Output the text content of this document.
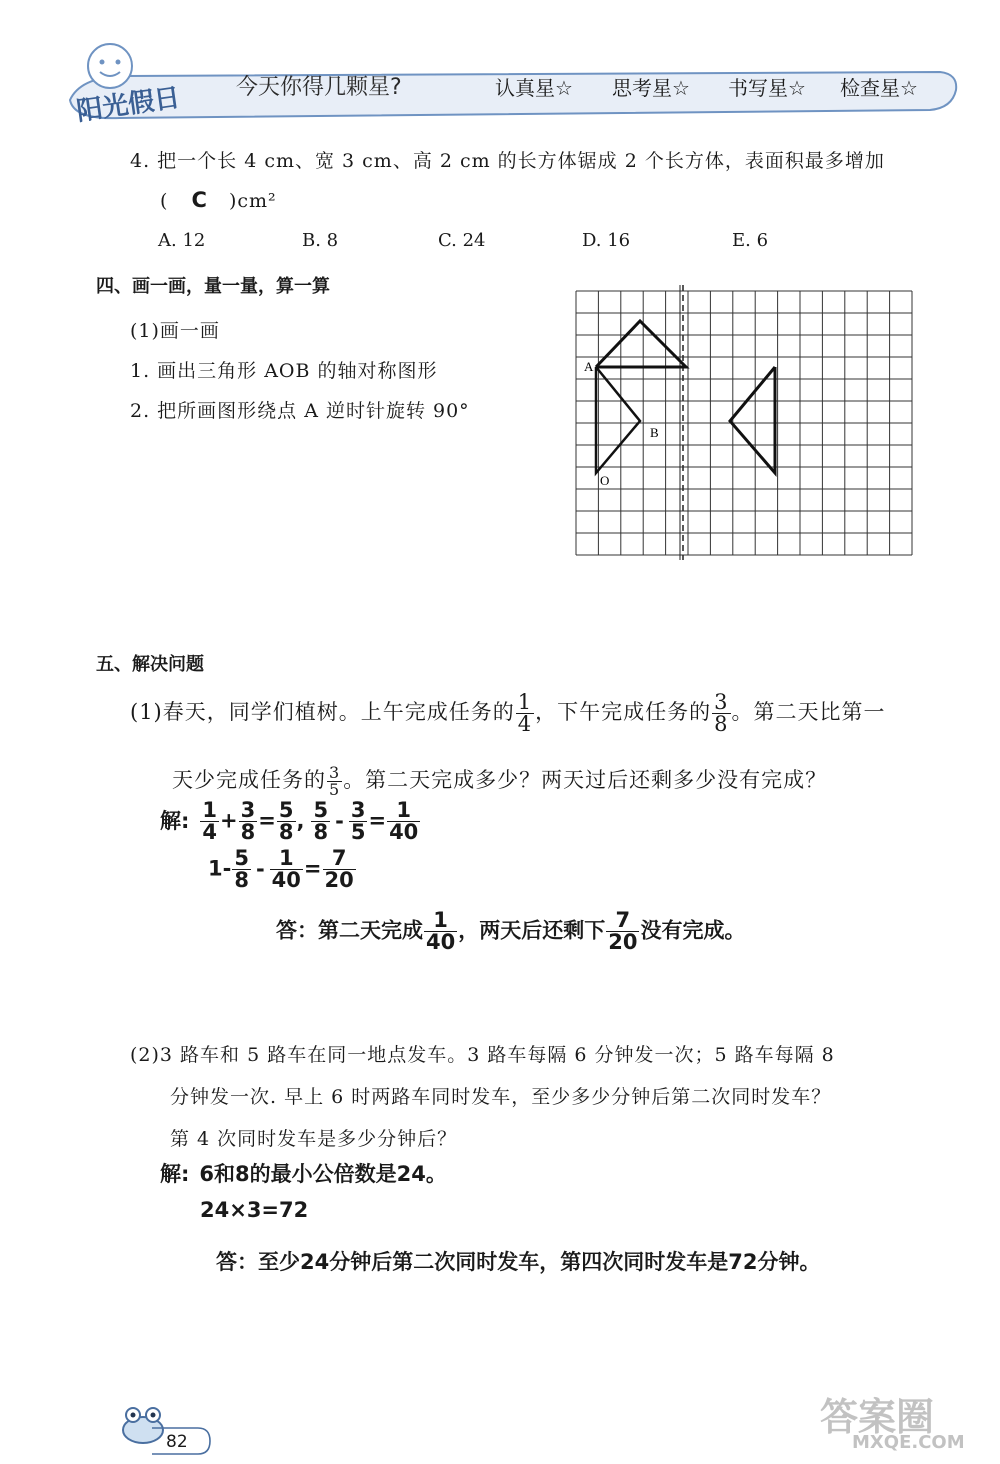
阳光假日 今天你得几颗星?	认真星☆ 思考星☆ 书写星☆ 检查星☆
4. 把一个长 4 cm、宽 3 cm、高 2 cm 的长方体锯成 2 个长方体，表面积最多增加
( C )cm²
A. 12	B. 8	C. 24	D. 16	E. 6
四、画一画，量一量，算一算
(1)画一画
1. 画出三角形 AOB 的轴对称图形
2. 把所画图形绕点 A 逆时针旋转 90°
A
B
O
五、解决问题
(1)春天，同学们植树。上午完成任务的 $\frac{1}{4}$ ，下午完成任务的 $\frac{3}{8}$ 。第二天比第一
天少完成任务的 $\frac{3}{5}$ 。第二天完成多少？两天过后还剩多少没有完成？
解: $\frac{1}{4} + \frac{3}{8} = \frac{5}{8}$ , $\frac{5}{8} - \frac{3}{5} = \frac{1}{40}$
$1- \frac{5}{8} - \frac{1}{40} = \frac{7}{20}$
答：第二天完成 $\frac{1}{40}$ ，两天后还剩下 $\frac{7}{20}$ 没有完成。
(2)3 路车和 5 路车在同一地点发车。3 路车每隔 6 分钟发一次；5 路车每隔 8
分钟发一次. 早上 6 时两路车同时发车，至少多少分钟后第二次同时发车？
第 4 次同时发车是多少分钟后？
解: 6和8的最小公倍数是24。
24×3=72
答：至少24分钟后第二次同时发车，第四次同时发车是72分钟。
82
答案圈
MXQE.COM
